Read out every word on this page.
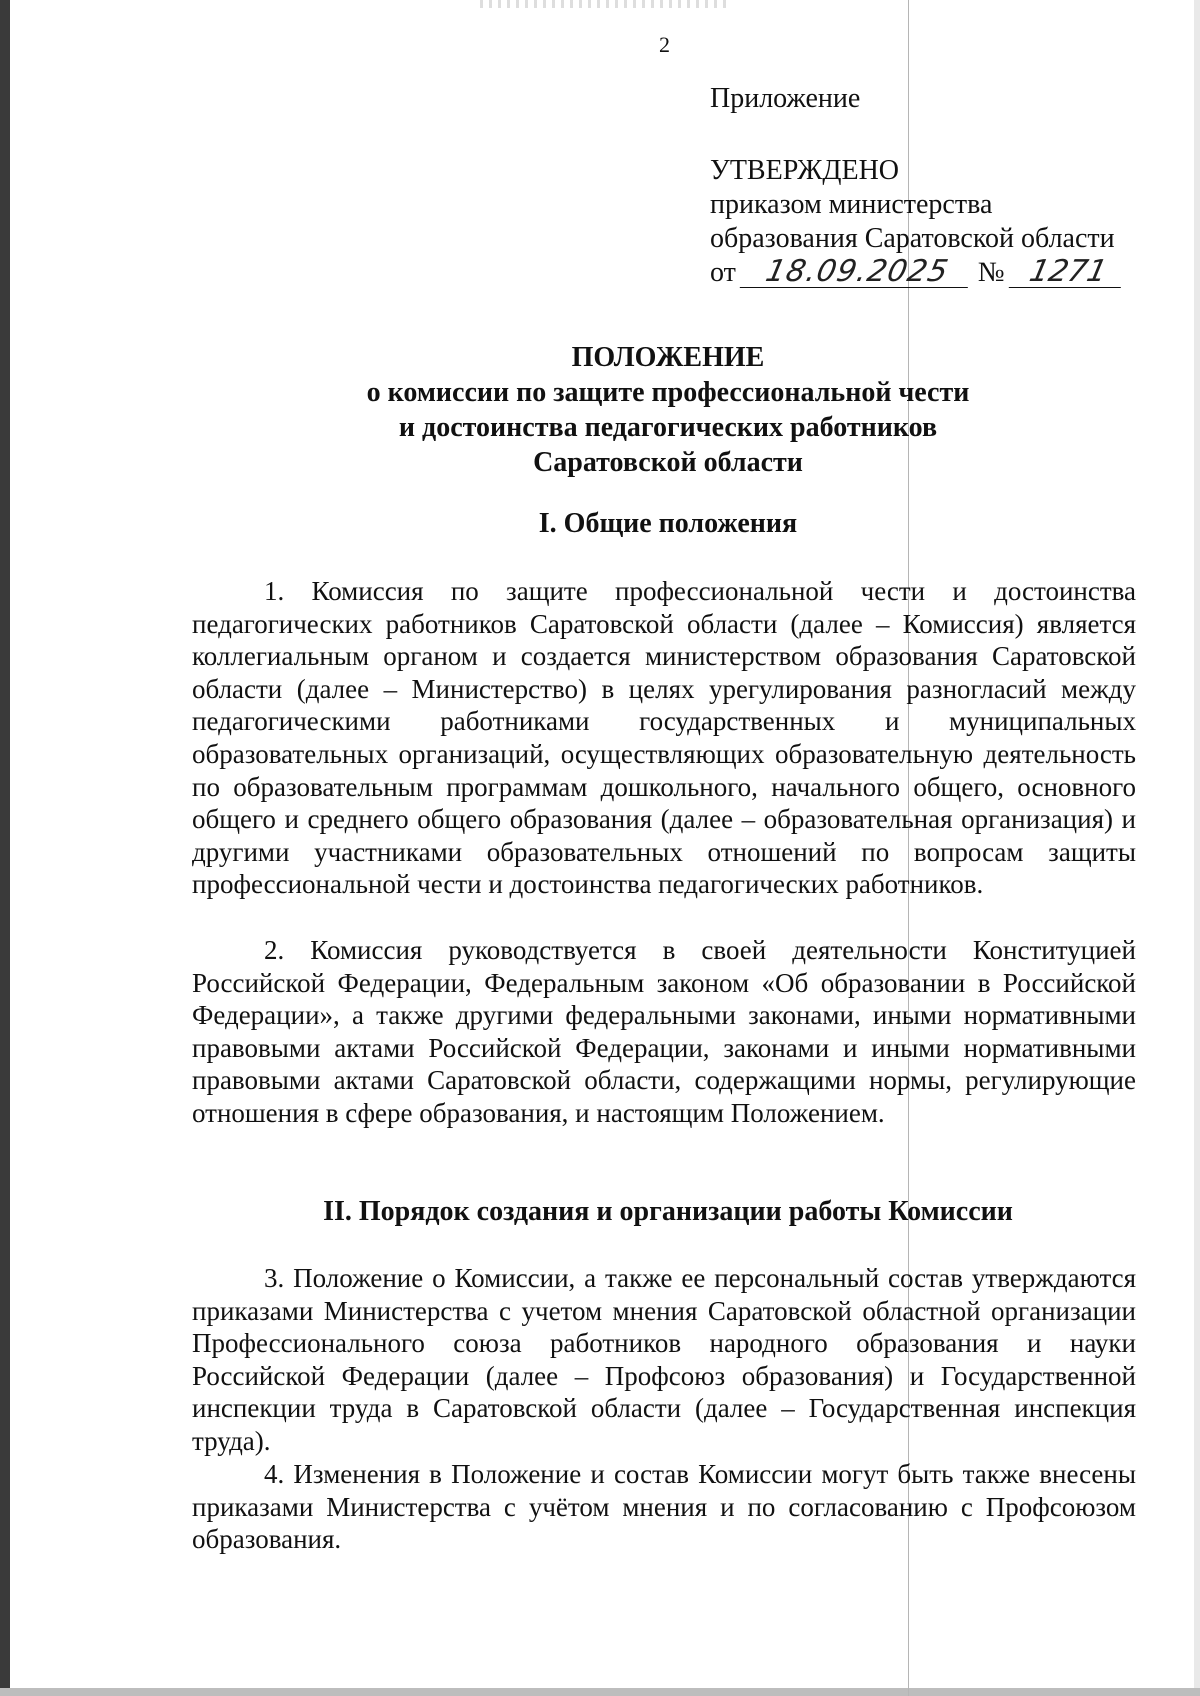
2
Приложение
УТВЕРЖДЕНО
приказом министерства
образования Саратовской области
от 18.09.2025 № 1271
ПОЛОЖЕНИЕ
о комиссии по защите профессиональной чести
и достоинства педагогических работников
Саратовской области
I. Общие положения
1. Комиссия по защите профессиональной чести и достоинства педагогических работников Саратовской области (далее – Комиссия) является коллегиальным органом и создается министерством образования Саратовской области (далее – Министерство) в целях урегулирования разногласий между педагогическими работниками государственных и муниципальных образовательных организаций, осуществляющих образовательную деятельность по образовательным программам дошкольного, начального общего, основного общего и среднего общего образования (далее – образовательная организация) и другими участниками образовательных отношений по вопросам защиты профессиональной чести и достоинства педагогических работников.
2. Комиссия руководствуется в своей деятельности Конституцией Российской Федерации, Федеральным законом «Об образовании в Российской Федерации», а также другими федеральными законами, иными нормативными правовыми актами Российской Федерации, законами и иными нормативными правовыми актами Саратовской области, содержащими нормы, регулирующие отношения в сфере образования, и настоящим Положением.
II. Порядок создания и организации работы Комиссии
3. Положение о Комиссии, а также ее персональный состав утверждаются приказами Министерства с учетом мнения Саратовской областной организации Профессионального союза работников народного образования и науки Российской Федерации (далее – Профсоюз образования) и Государственной инспекции труда в Саратовской области (далее – Государственная инспекция труда).
4. Изменения в Положение и состав Комиссии могут быть также внесены приказами Министерства с учётом мнения и по согласованию с Профсоюзом образования.
